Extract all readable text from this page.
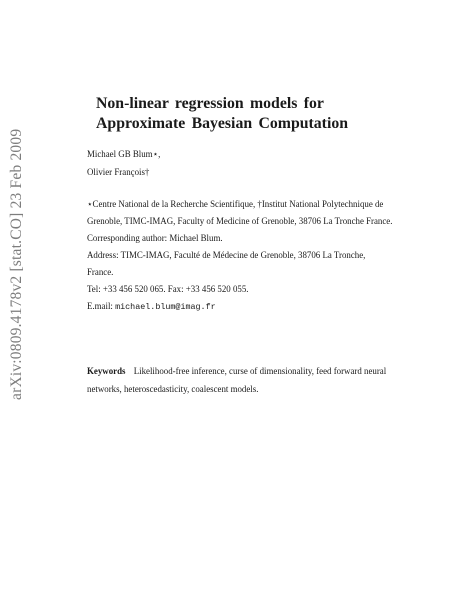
arXiv:0809.4178v2 [stat.CO] 23 Feb 2009
Non-linear regression models for Approximate Bayesian Computation
Michael GB Blum⋆,
Olivier François†

⋆Centre National de la Recherche Scientifique, †Institut National Polytechnique de Grenoble, TIMC-IMAG, Faculty of Medicine of Grenoble, 38706 La Tronche France.

Corresponding author: Michael Blum.

Address: TIMC-IMAG, Faculté de Médecine de Grenoble, 38706 La Tronche, France.

Tel: +33 456 520 065. Fax: +33 456 520 055.

E.mail: michael.blum@imag.fr

Keywords Likelihood-free inference, curse of dimensionality, feed forward neural networks, heteroscedasticity, coalescent models.
